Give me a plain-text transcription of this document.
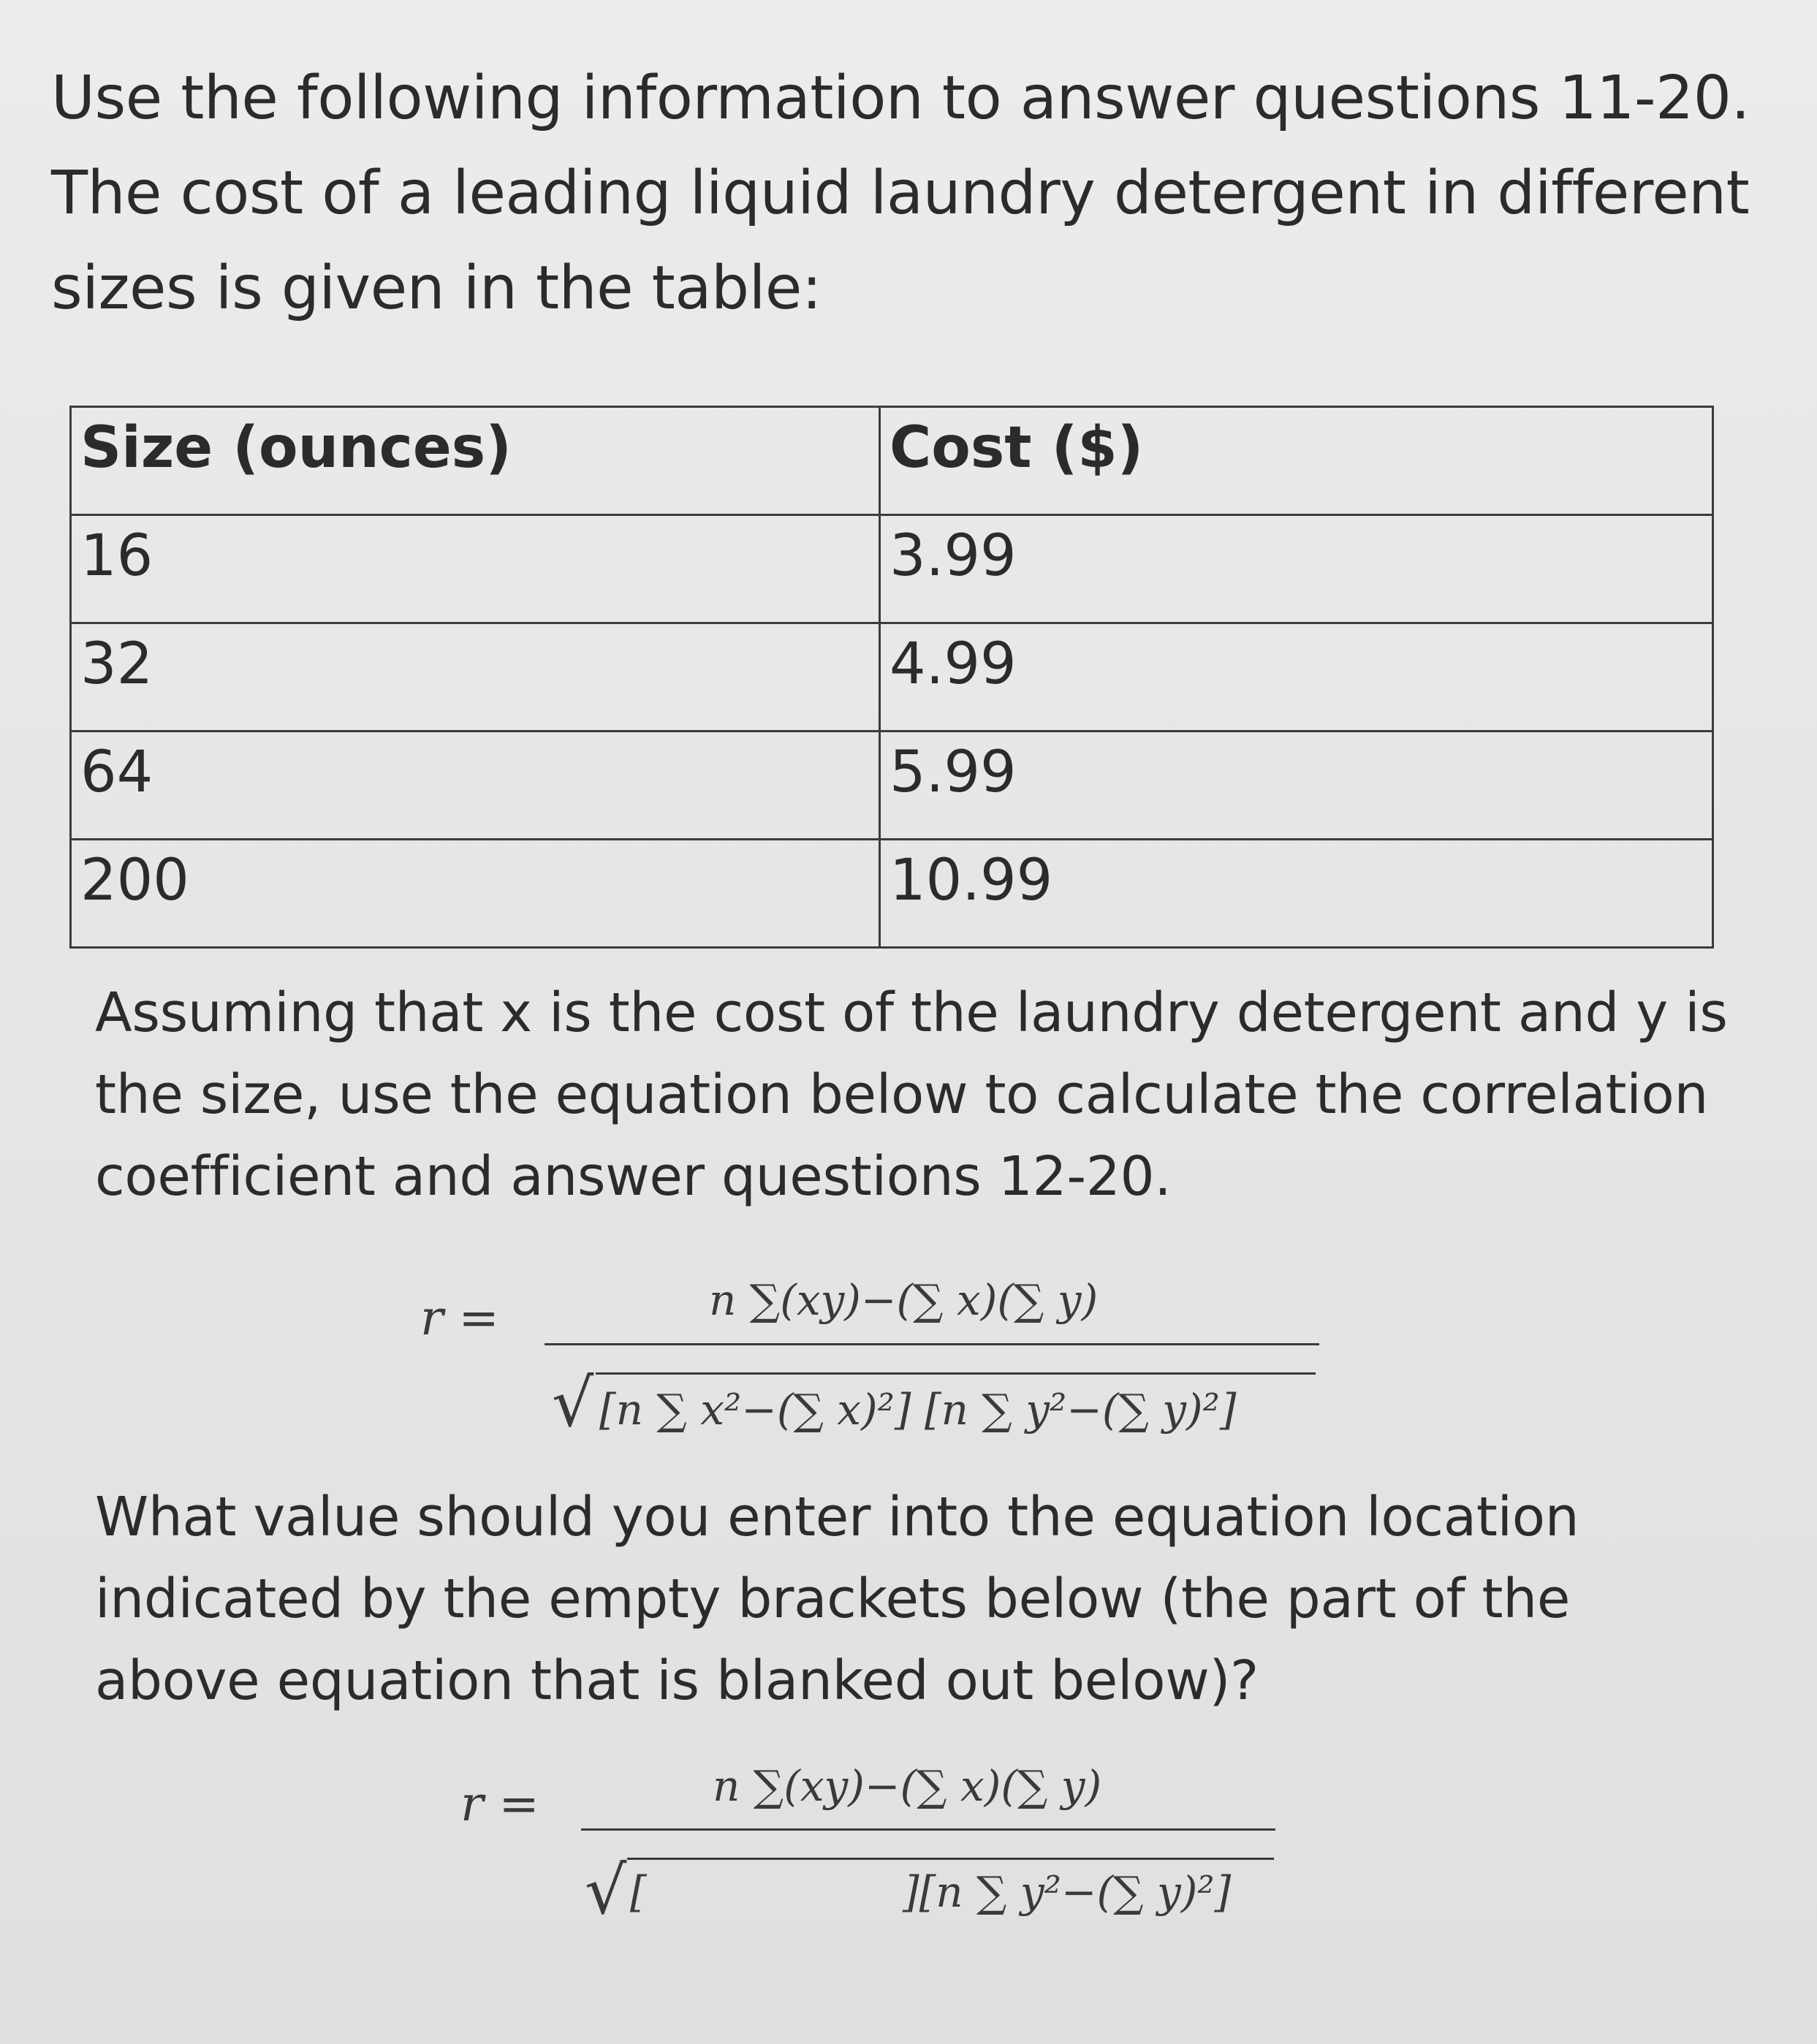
Use the following information to answer questions 11-20. The cost of a leading liquid laundry detergent in different sizes is given in the table:

Size (ounces)	Cost ($)
16	3.99
32	4.99
64	5.99
200	10.99

Assuming that x is the cost of the laundry detergent and y is the size, use the equation below to calculate the correlation coefficient and answer questions 12-20.

r =	n ∑(xy)−(∑ x)(∑ y)
√ [n ∑ x²−(∑ x)²] [n ∑ y²−(∑ y)²]

What value should you enter into the equation location indicated by the empty brackets below (the part of the above equation that is blanked out below)?

r =	n ∑(xy)−(∑ x)(∑ y)
√ [	][n ∑ y²−(∑ y)²]
